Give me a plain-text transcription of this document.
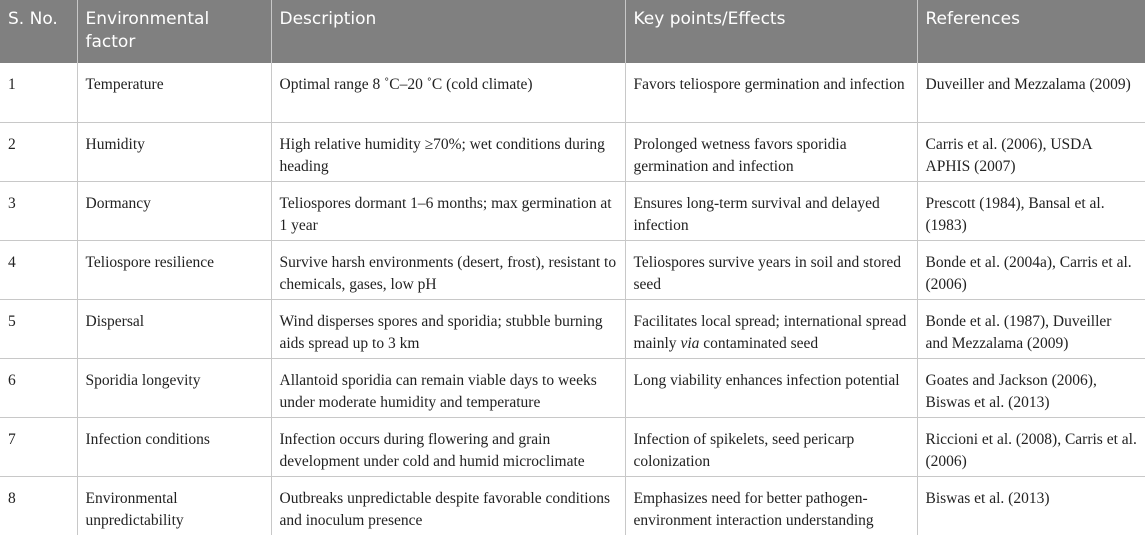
S. No.	Environmental factor	Description	Key points/Effects	References
1	Temperature	Optimal range 8 ˚C–20 ˚C (cold climate)	Favors teliospore germination and infection	Duveiller and Mezzalama (2009)
2	Humidity	High relative humidity ≥70%; wet conditions during heading	Prolonged wetness favors sporidia germination and infection	Carris et al. (2006), USDA APHIS (2007)
3	Dormancy	Teliospores dormant 1–6 months; max germination at 1 year	Ensures long-term survival and delayed infection	Prescott (1984), Bansal et al. (1983)
4	Teliospore resilience	Survive harsh environments (desert, frost), resistant to chemicals, gases, low pH	Teliospores survive years in soil and stored seed	Bonde et al. (2004a), Carris et al. (2006)
5	Dispersal	Wind disperses spores and sporidia; stubble burning aids spread up to 3 km	Facilitates local spread; international spread mainly via contaminated seed	Bonde et al. (1987), Duveiller and Mezzalama (2009)
6	Sporidia longevity	Allantoid sporidia can remain viable days to weeks under moderate humidity and temperature	Long viability enhances infection potential	Goates and Jackson (2006), Biswas et al. (2013)
7	Infection conditions	Infection occurs during flowering and grain development under cold and humid microclimate	Infection of spikelets, seed pericarp colonization	Riccioni et al. (2008), Carris et al. (2006)
8	Environmental unpredictability	Outbreaks unpredictable despite favorable conditions and inoculum presence	Emphasizes need for better pathogen-environment interaction understanding	Biswas et al. (2013)
